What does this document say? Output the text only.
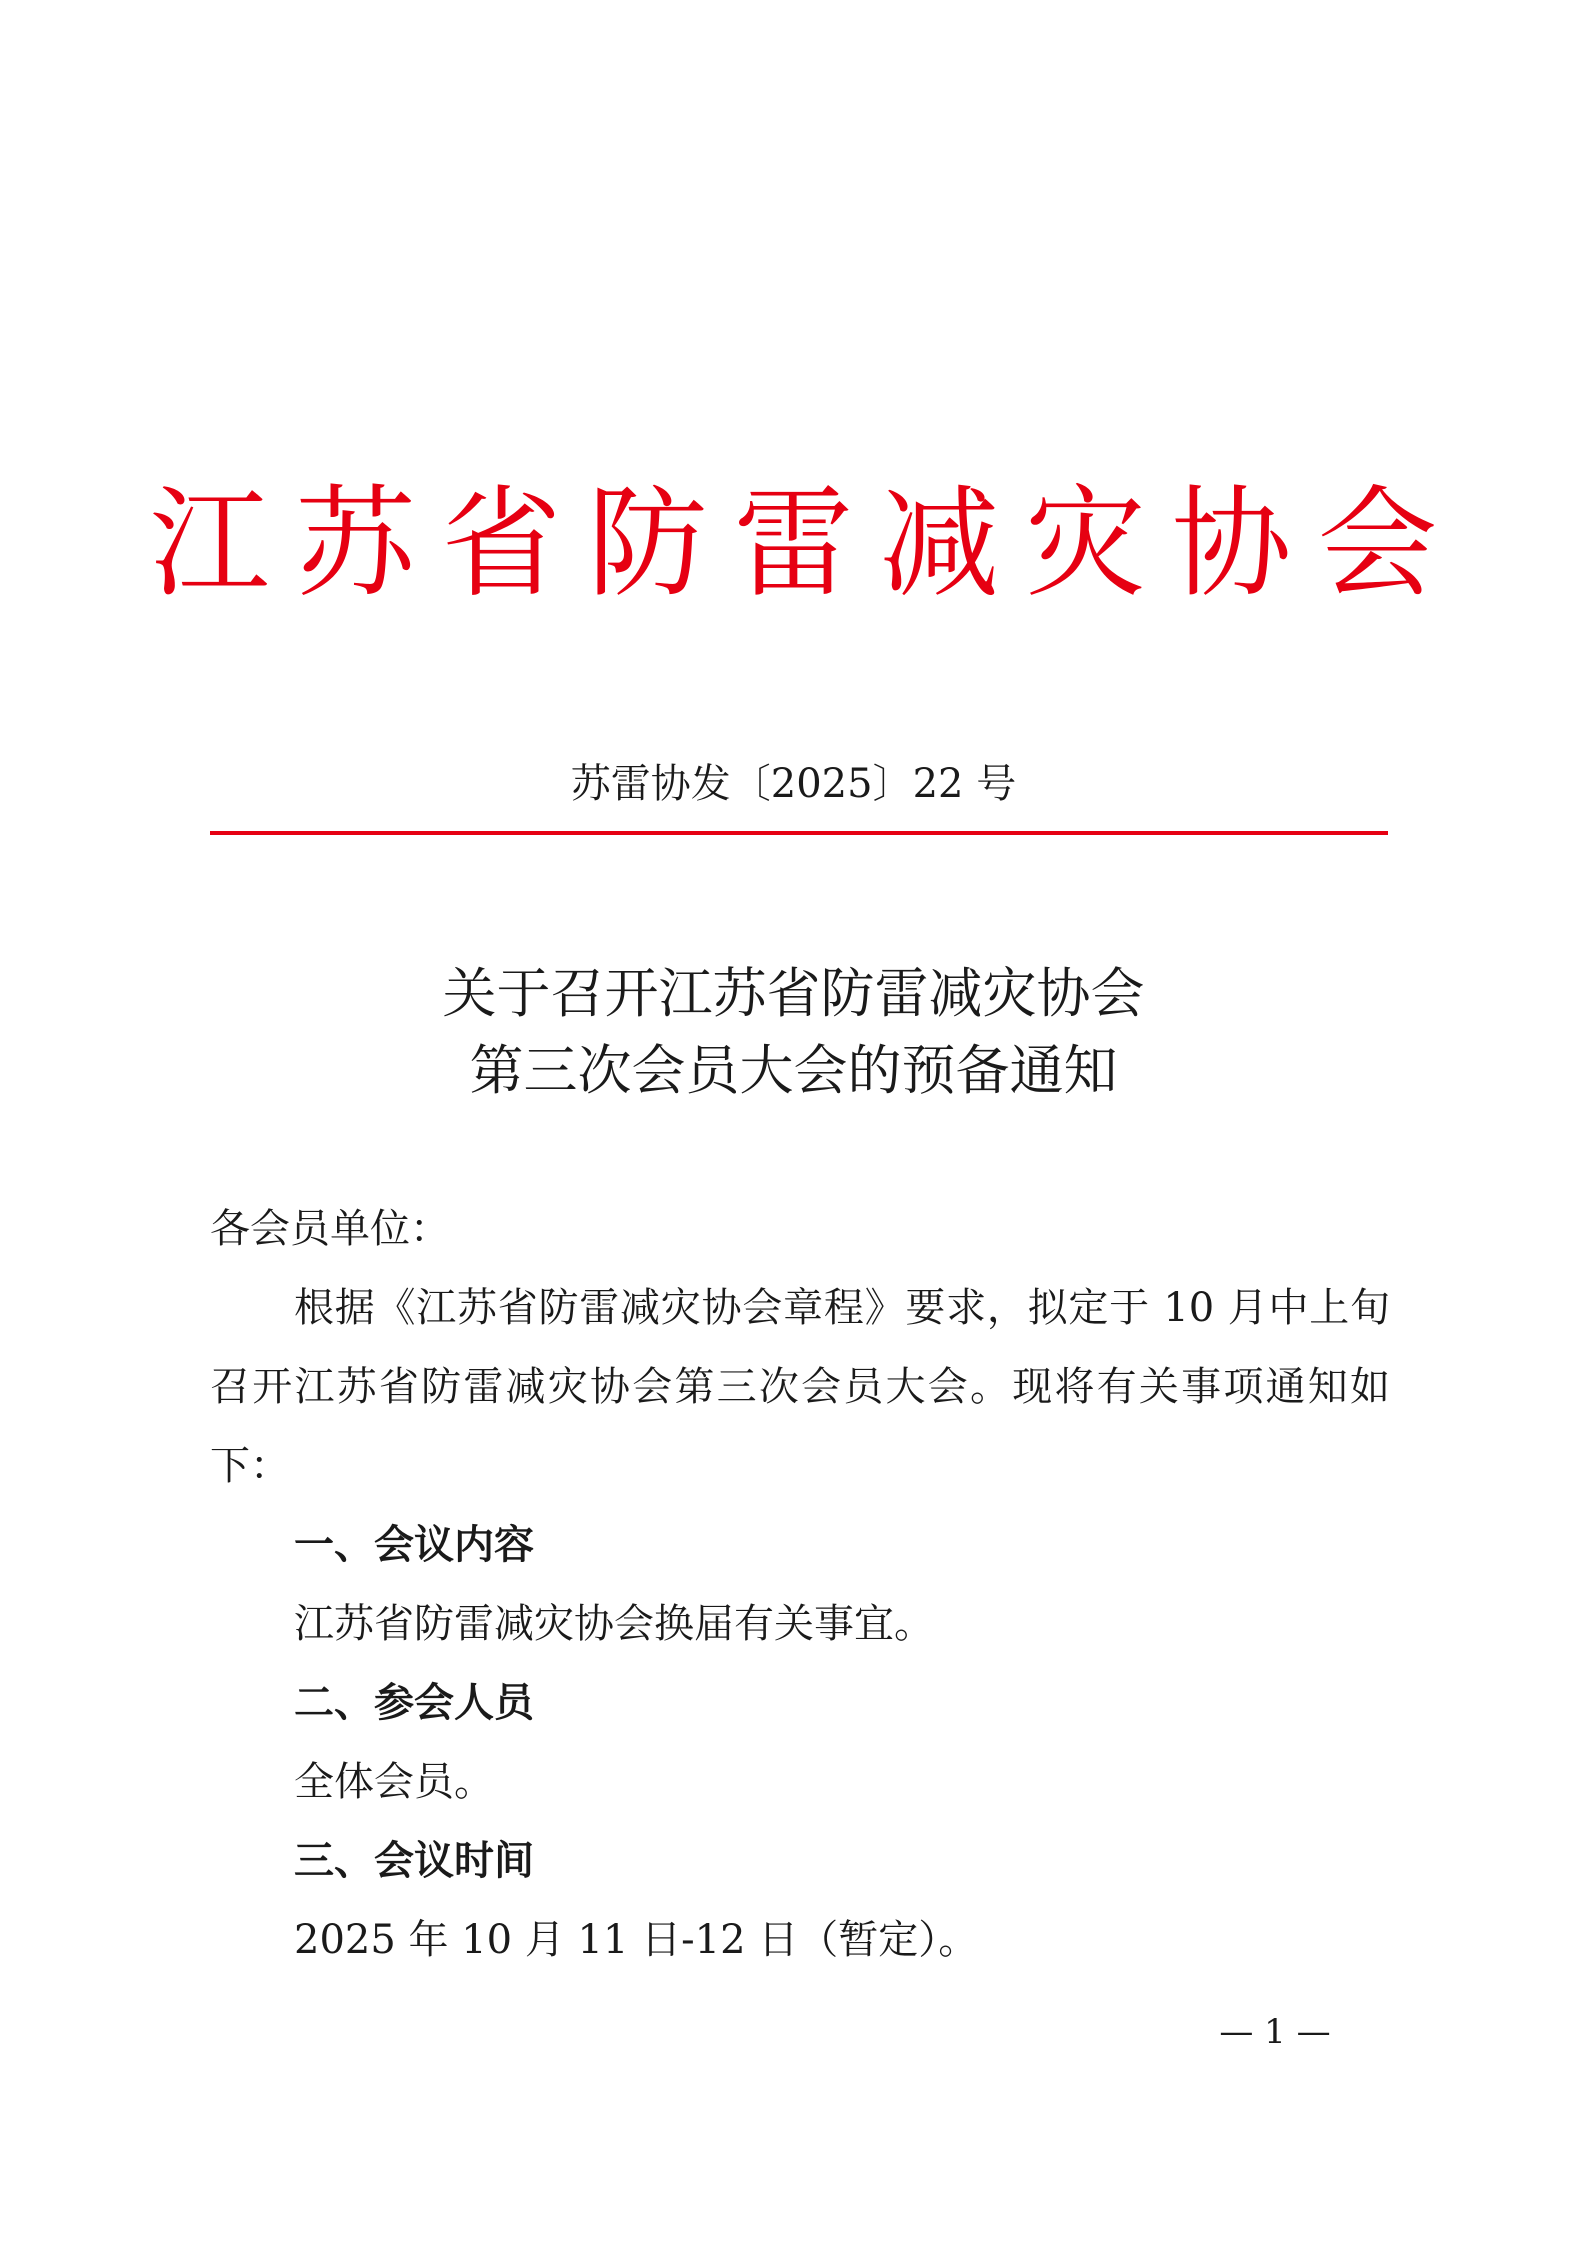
江苏省防雷减灾协会
苏雷协发〔2025〕22 号
关于召开江苏省防雷减灾协会
第三次会员大会的预备通知

各会员单位：

根据《江苏省防雷减灾协会章程》要求，拟定于 10 月中上旬

召开江苏省防雷减灾协会第三次会员大会。现将有关事项通知如

下：

一、会议内容

江苏省防雷减灾协会换届有关事宜。

二、参会人员

全体会员。

三、会议时间

2025 年 10 月 11 日-12 日（暂定）。

— 1 —
